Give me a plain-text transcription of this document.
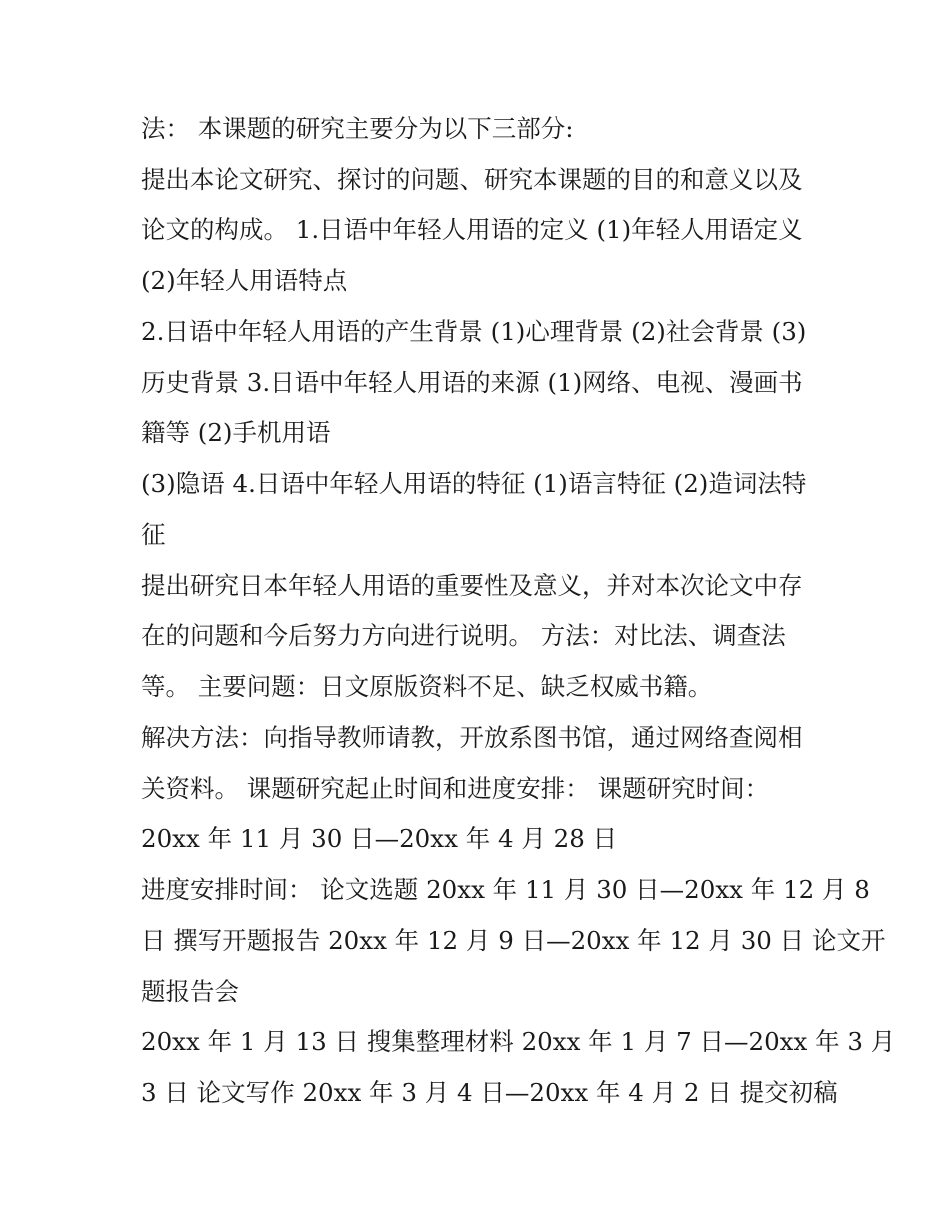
法： 本课题的研究主要分为以下三部分:

提出本论文研究、探讨的问题、研究本课题的目的和意义以及

论文的构成。 1.日语中年轻人用语的定义 (1)年轻人用语定义

(2)年轻人用语特点

2.日语中年轻人用语的产生背景 (1)心理背景 (2)社会背景 (3)

历史背景 3.日语中年轻人用语的来源 (1)网络、电视、漫画书

籍等 (2)手机用语

(3)隐语 4.日语中年轻人用语的特征 (1)语言特征 (2)造词法特

征

提出研究日本年轻人用语的重要性及意义，并对本次论文中存

在的问题和今后努力方向进行说明。 方法：对比法、调查法

等。 主要问题：日文原版资料不足、缺乏权威书籍。

解决方法：向指导教师请教，开放系图书馆，通过网络查阅相

关资料。 课题研究起止时间和进度安排： 课题研究时间：

20xx 年 11 月 30 日—20xx 年 4 月 28 日

进度安排时间： 论文选题 20xx 年 11 月 30 日—20xx 年 12 月 8

日 撰写开题报告 20xx 年 12 月 9 日—20xx 年 12 月 30 日 论文开

题报告会

20xx 年 1 月 13 日 搜集整理材料 20xx 年 1 月 7 日—20xx 年 3 月

3 日 论文写作 20xx 年 3 月 4 日—20xx 年 4 月 2 日 提交初稿
